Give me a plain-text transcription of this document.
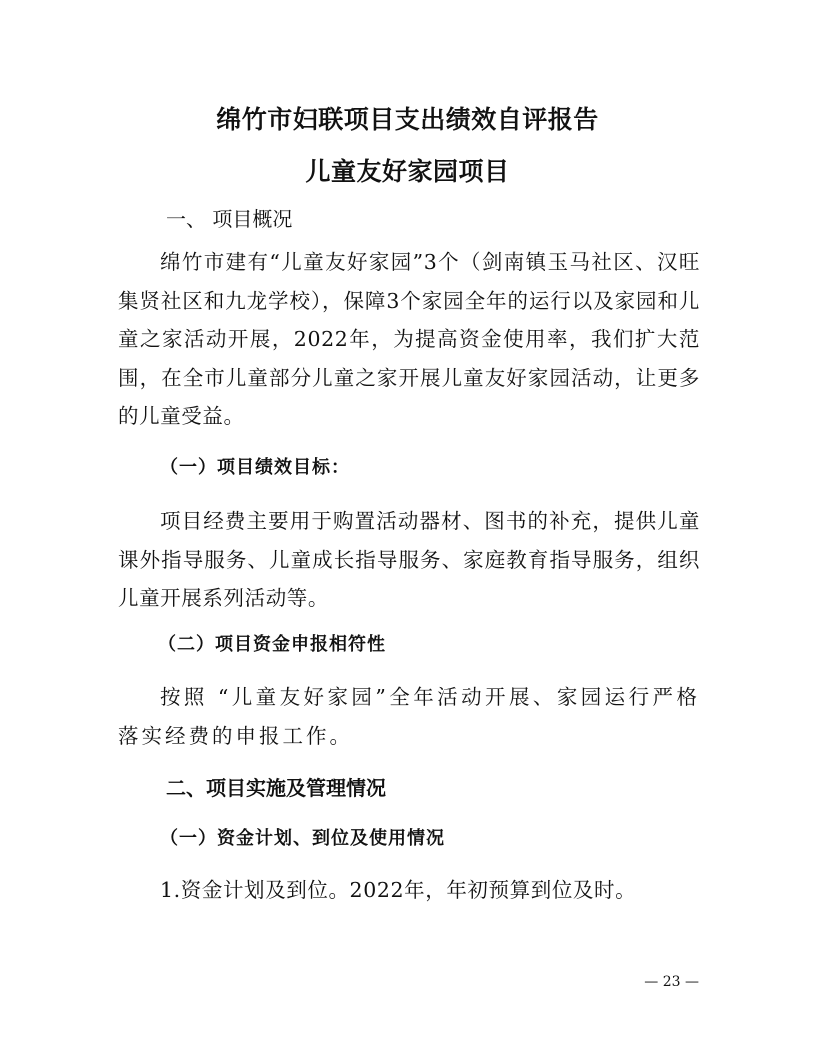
绵竹市妇联项目支出绩效自评报告
儿童友好家园项目
一、 项目概况
绵竹市建有“儿童友好家园”3个（剑南镇玉马社区、汉旺集贤社区和九龙学校），保障3个家园全年的运行以及家园和儿童之家活动开展，2022年，为提高资金使用率，我们扩大范围，在全市儿童部分儿童之家开展儿童友好家园活动，让更多的儿童受益。
（一）项目绩效目标：
项目经费主要用于购置活动器材、图书的补充，提供儿童课外指导服务、儿童成长指导服务、家庭教育指导服务，组织儿童开展系列活动等。
（二）项目资金申报相符性
按照 “儿童友好家园”全年活动开展、家园运行严格落实经费的申报工作。
二、项目实施及管理情况
（一）资金计划、到位及使用情况
1.资金计划及到位。2022年，年初预算到位及时。
— 23 —
